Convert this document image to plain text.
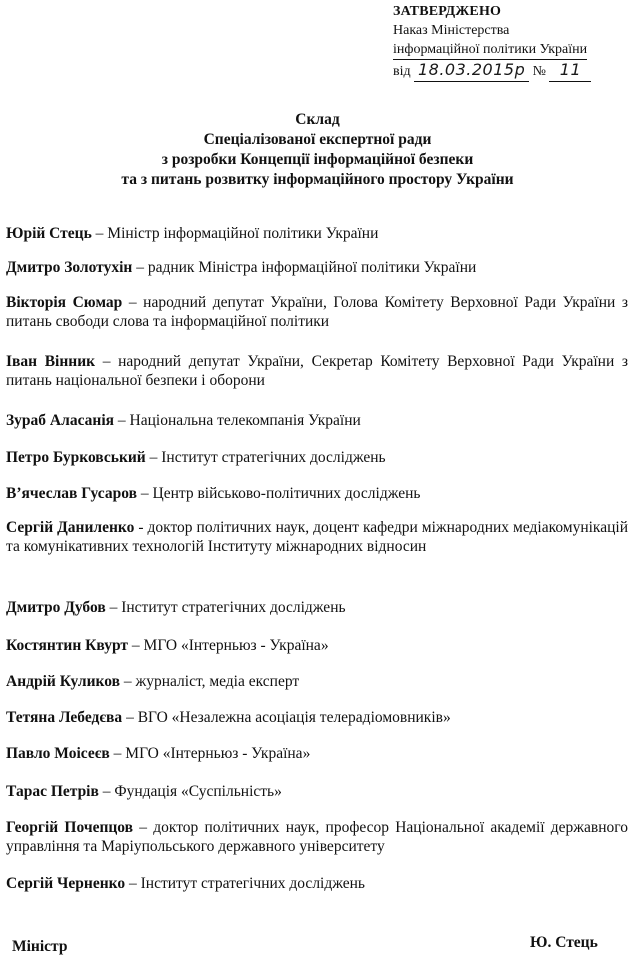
ЗАТВЕРДЖЕНО
Наказ Міністерства
інформаційної політики України
від 18.03.2015р № 11
Склад
Спеціалізованої експертної ради
з розробки Концепції інформаційної безпеки
та з питань розвитку інформаційного простору України
Юрій Стець – Міністр інформаційної політики України
Дмитро Золотухін – радник Міністра інформаційної політики України
Вікторія Сюмар – народний депутат України, Голова Комітету Верховної Ради України з питань свободи слова та інформаційної політики
Іван Вінник – народний депутат України, Секретар Комітету Верховної Ради України з питань національної безпеки і оборони
Зураб Аласанія – Національна телекомпанія України
Петро Бурковський – Інститут стратегічних досліджень
В’ячеслав Гусаров – Центр військово-політичних досліджень
Сергій Даниленко - доктор політичних наук, доцент кафедри міжнародних медіакомунікацій та комунікативних технологій Інституту міжнародних відносин
Дмитро Дубов – Інститут стратегічних досліджень
Костянтин Квурт – МГО «Інтерньюз - Україна»
Андрій Куликов – журналіст, медіа експерт
Тетяна Лебедєва – ВГО «Незалежна асоціація телерадіомовників»
Павло Моісеєв – МГО «Інтерньюз - Україна»
Тарас Петрів – Фундація «Суспільність»
Георгій Почепцов – доктор політичних наук, професор Національної академії державного управління та Маріупольського державного університету
Сергій Черненко – Інститут стратегічних досліджень
Міністр	Ю. Стець
